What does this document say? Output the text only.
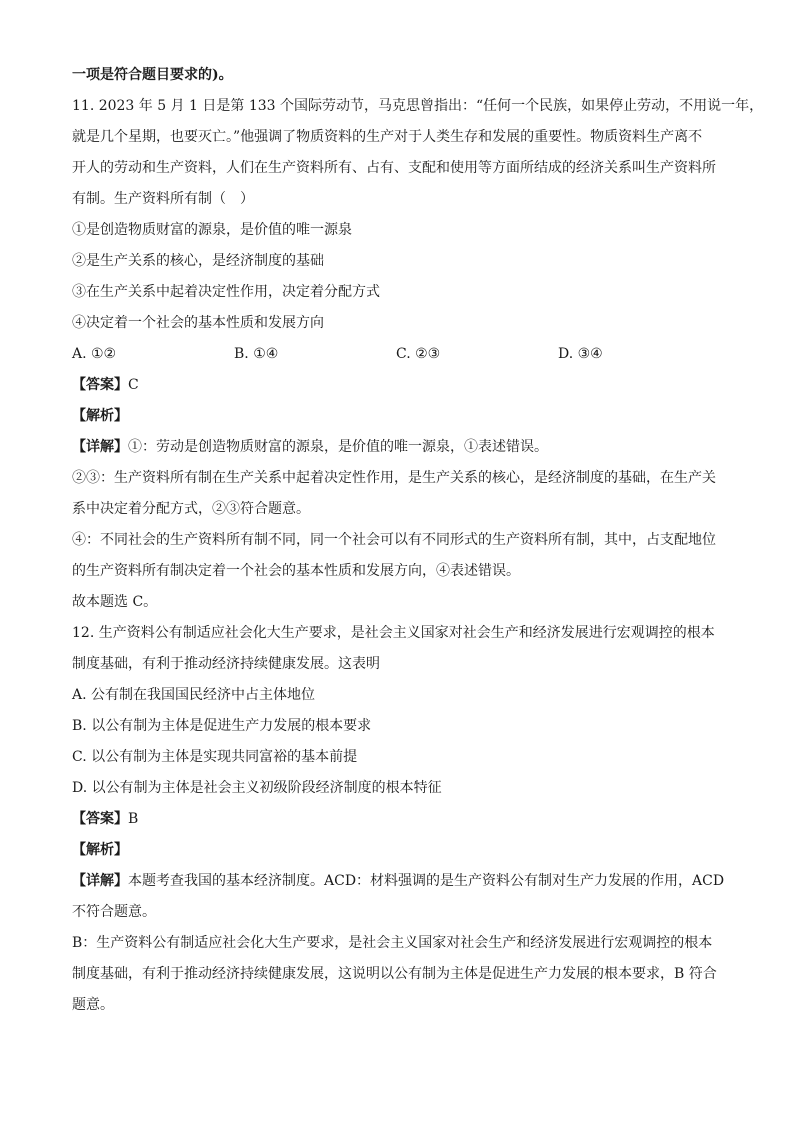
一项是符合题目要求的)。

11. 2023 年 5 月 1 日是第 133 个国际劳动节，马克思曾指出：“任何一个民族，如果停止劳动，不用说一年，

就是几个星期，也要灭亡。”他强调了物质资料的生产对于人类生存和发展的重要性。物质资料生产离不

开人的劳动和生产资料，人们在生产资料所有、占有、支配和使用等方面所结成的经济关系叫生产资料所

有制。生产资料所有制（　）

①是创造物质财富的源泉，是价值的唯一源泉

②是生产关系的核心，是经济制度的基础

③在生产关系中起着决定性作用，决定着分配方式

④决定着一个社会的基本性质和发展方向

A. ①②	B. ①④	C. ②③	D. ③④

【答案】C

【解析】

【详解】①：劳动是创造物质财富的源泉，是价值的唯一源泉，①表述错误。

②③：生产资料所有制在生产关系中起着决定性作用，是生产关系的核心，是经济制度的基础，在生产关

系中决定着分配方式，②③符合题意。

④：不同社会的生产资料所有制不同，同一个社会可以有不同形式的生产资料所有制，其中，占支配地位

的生产资料所有制决定着一个社会的基本性质和发展方向，④表述错误。

故本题选 C。

12. 生产资料公有制适应社会化大生产要求，是社会主义国家对社会生产和经济发展进行宏观调控的根本

制度基础，有利于推动经济持续健康发展。这表明

A. 公有制在我国国民经济中占主体地位

B. 以公有制为主体是促进生产力发展的根本要求

C. 以公有制为主体是实现共同富裕的基本前提

D. 以公有制为主体是社会主义初级阶段经济制度的根本特征

【答案】B

【解析】

【详解】本题考查我国的基本经济制度。ACD：材料强调的是生产资料公有制对生产力发展的作用，ACD

不符合题意。

B：生产资料公有制适应社会化大生产要求，是社会主义国家对社会生产和经济发展进行宏观调控的根本

制度基础，有利于推动经济持续健康发展，这说明以公有制为主体是促进生产力发展的根本要求，B 符合

题意。
